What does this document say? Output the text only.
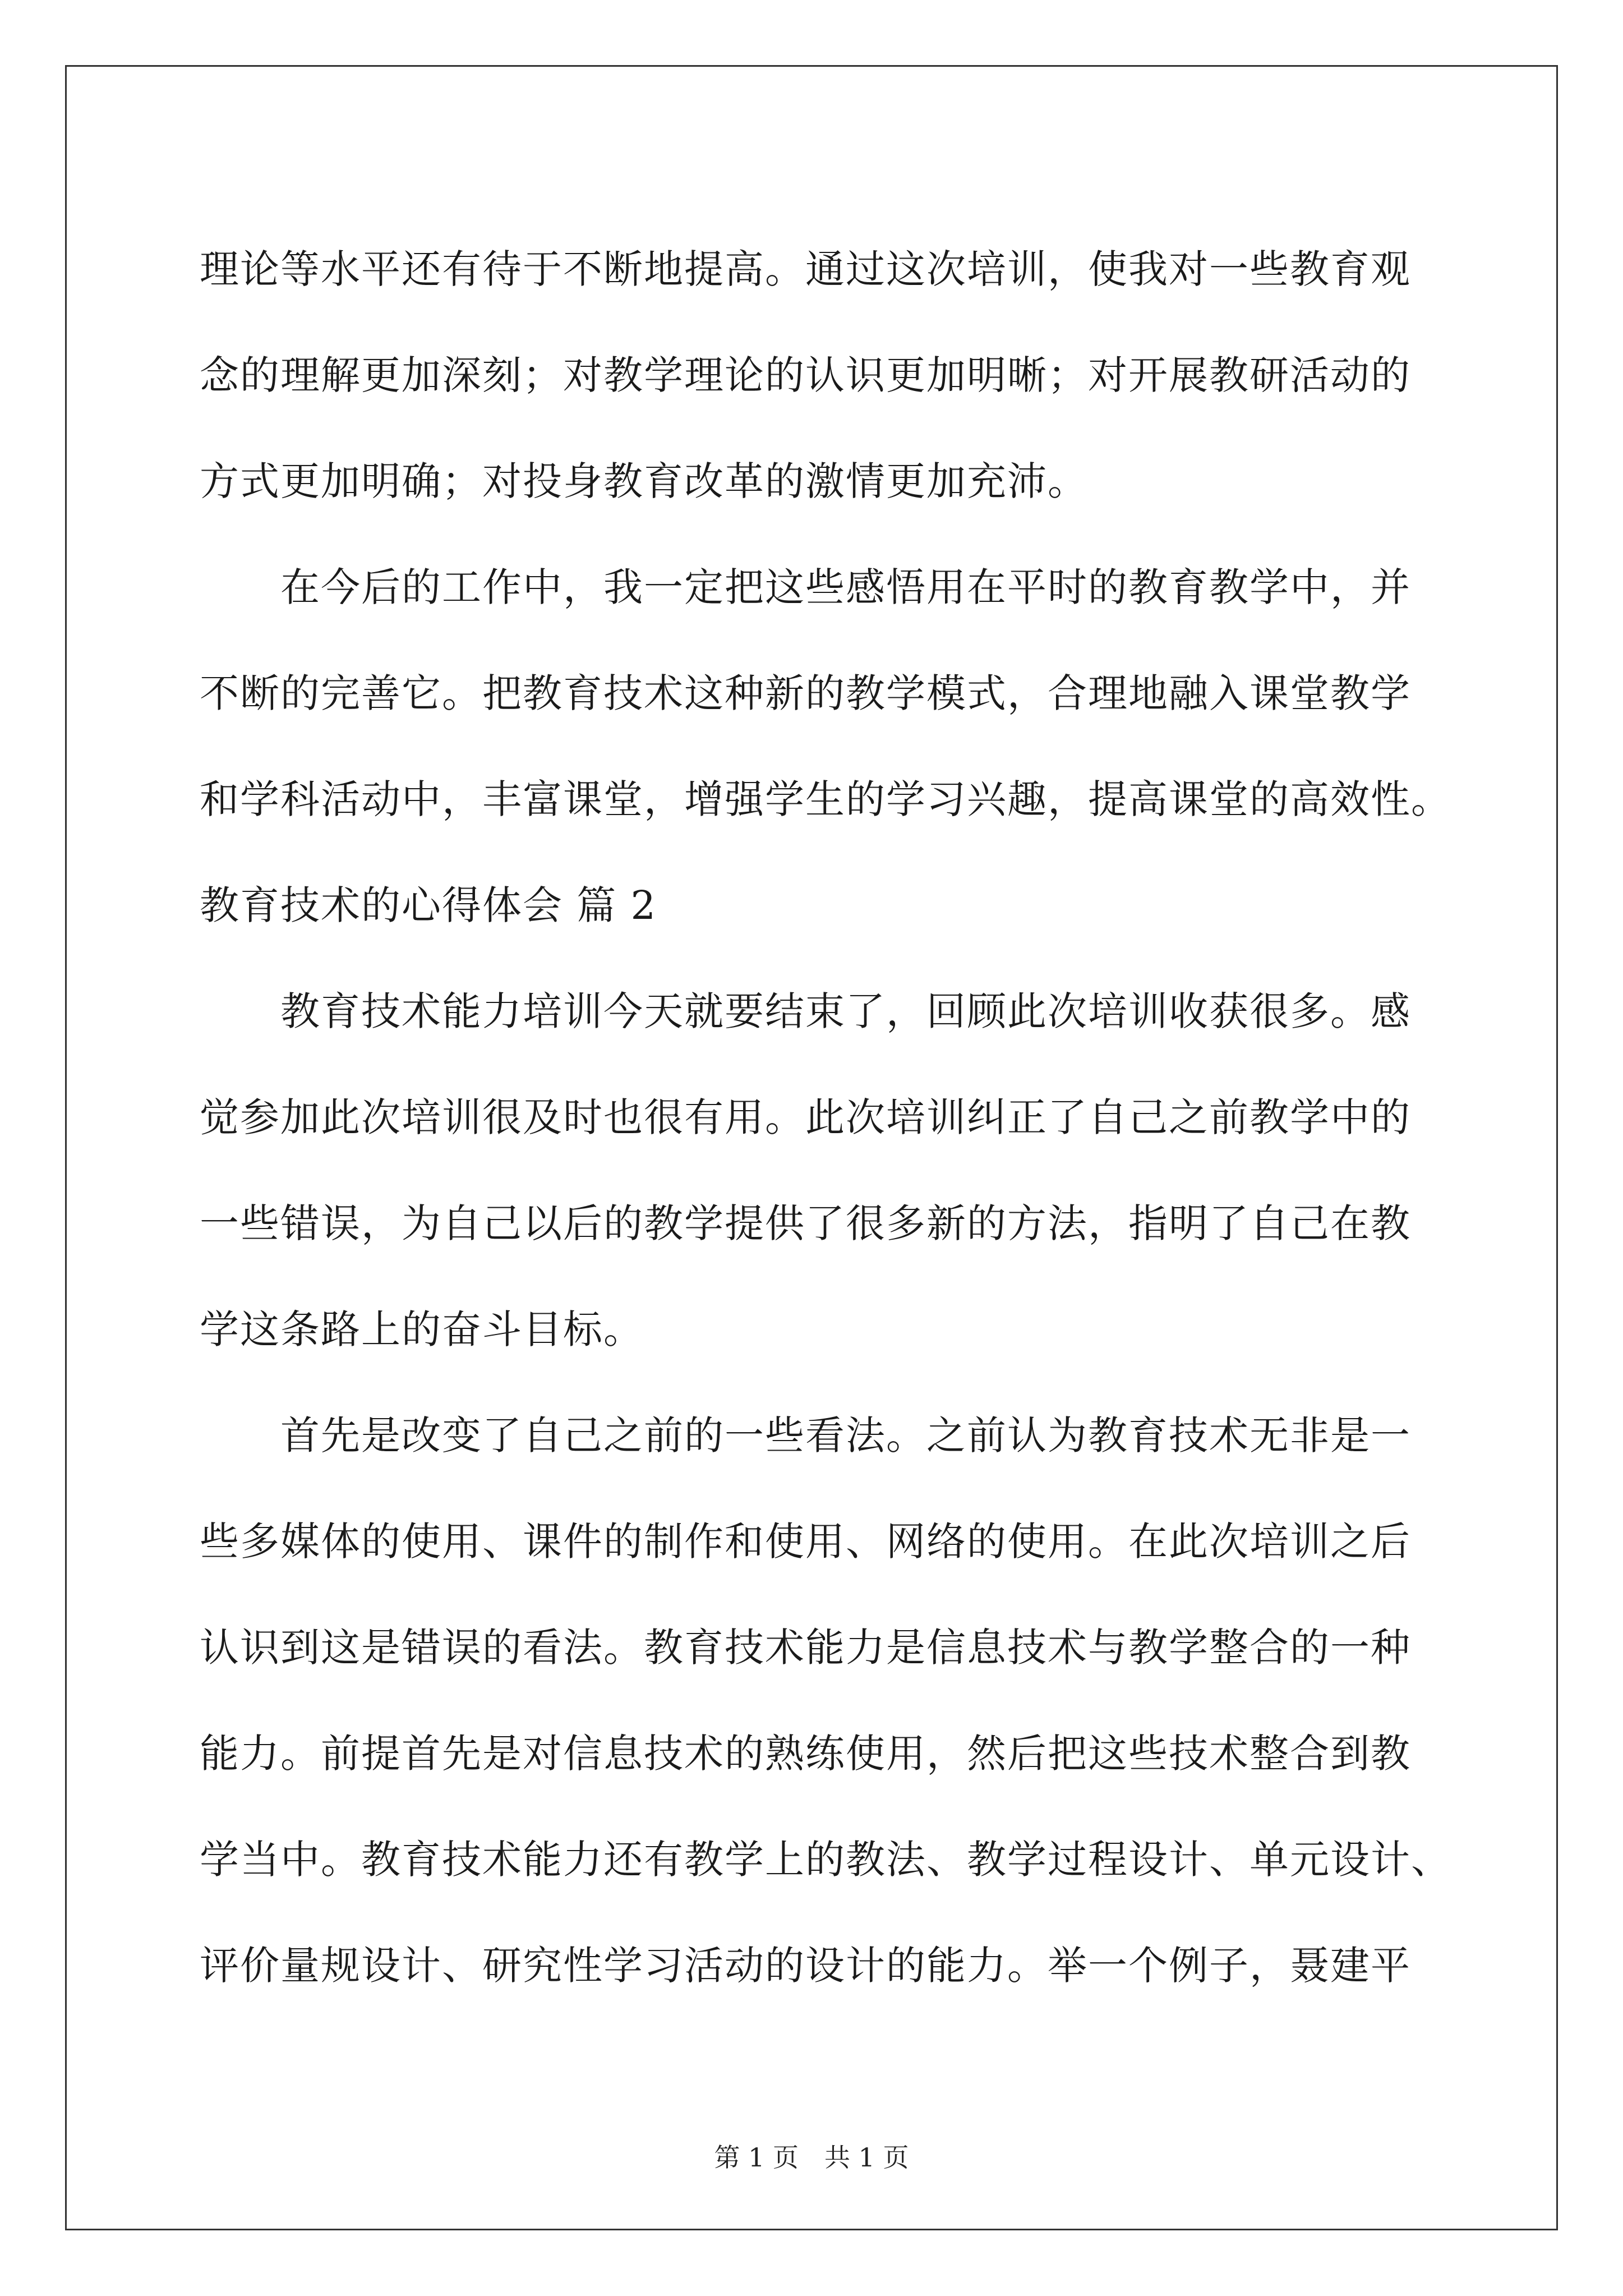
理论等水平还有待于不断地提高。通过这次培训，使我对一些教育观
念的理解更加深刻；对教学理论的认识更加明晰；对开展教研活动的
方式更加明确；对投身教育改革的激情更加充沛。
在今后的工作中，我一定把这些感悟用在平时的教育教学中，并
不断的完善它。把教育技术这种新的教学模式，合理地融入课堂教学
和学科活动中，丰富课堂，增强学生的学习兴趣，提高课堂的高效性。
教育技术的心得体会 篇 2
教育技术能力培训今天就要结束了，回顾此次培训收获很多。感
觉参加此次培训很及时也很有用。此次培训纠正了自己之前教学中的
一些错误，为自己以后的教学提供了很多新的方法，指明了自己在教
学这条路上的奋斗目标。
首先是改变了自己之前的一些看法。之前认为教育技术无非是一
些多媒体的使用、课件的制作和使用、网络的使用。在此次培训之后
认识到这是错误的看法。教育技术能力是信息技术与教学整合的一种
能力。前提首先是对信息技术的熟练使用，然后把这些技术整合到教
学当中。教育技术能力还有教学上的教法、教学过程设计、单元设计、
评价量规设计、研究性学习活动的设计的能力。举一个例子，聂建平
第 1 页　共 1 页
